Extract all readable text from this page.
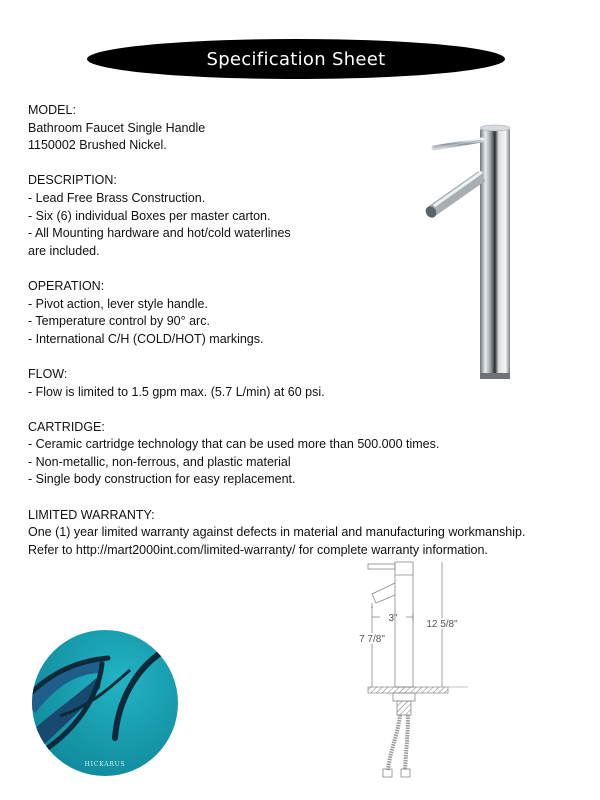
Specification Sheet
MODEL:
Bathroom Faucet Single Handle
1150002 Brushed Nickel.
DESCRIPTION:
- Lead Free Brass Construction.
- Six (6) individual Boxes per master carton.
- All Mounting hardware and hot/cold waterlines
are included.
OPERATION:
- Pivot action, lever style handle.
- Temperature control by 90° arc.
- International C/H (COLD/HOT) markings.
FLOW:
- Flow is limited to 1.5 gpm max. (5.7 L/min) at 60 psi.
CARTRIDGE:
- Ceramic cartridge technology that can be used more than 500.000 times.
- Non-metallic, non-ferrous, and plastic material
- Single body construction for easy replacement.
LIMITED WARRANTY:
One (1) year limited warranty against defects in material and manufacturing workmanship.
Refer to http://mart2000int.com/limited-warranty/ for complete warranty information.
3"
7 7/8"
12 5/8"
HICKARUS
